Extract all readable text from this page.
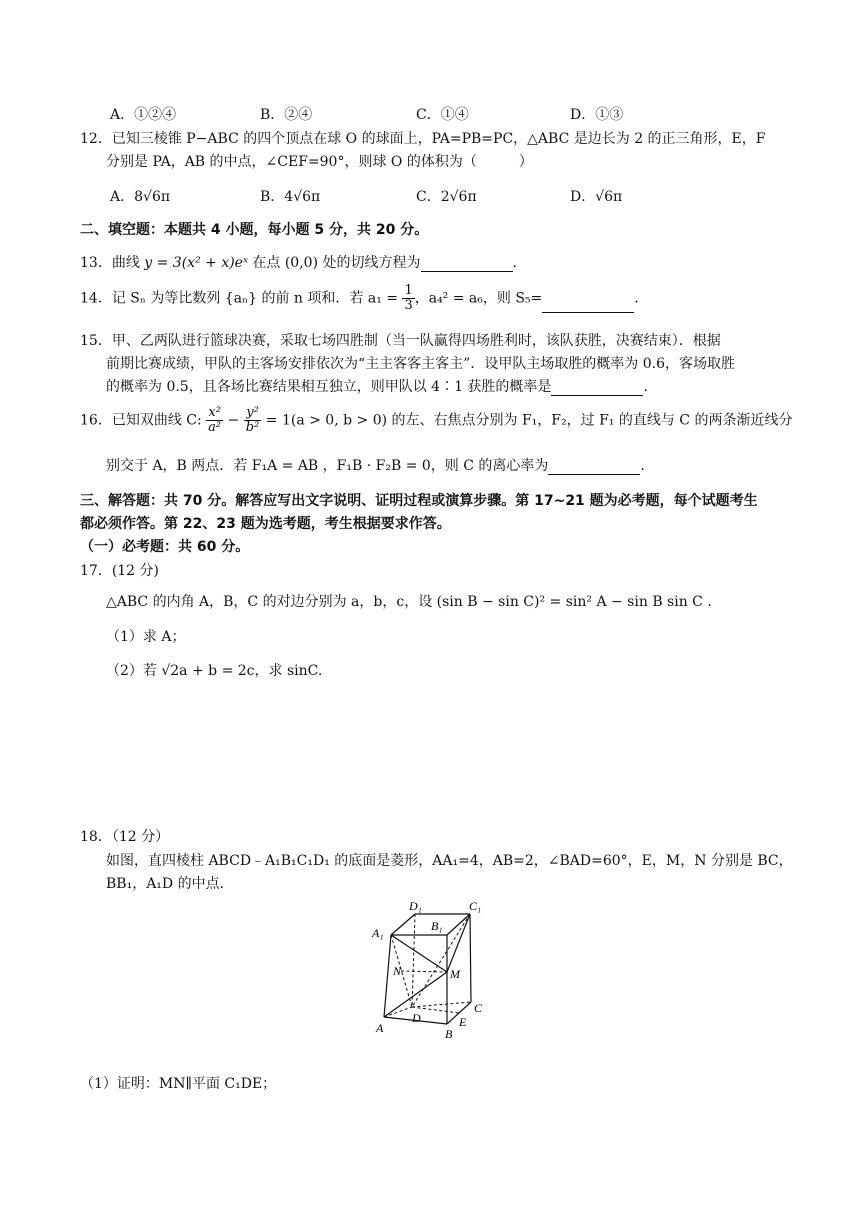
A．①②④	B．②④	C．①④	D．①③
12．已知三棱锥 P−ABC 的四个顶点在球 O 的球面上，PA=PB=PC，△ABC 是边长为 2 的正三角形，E，F
分别是 PA，AB 的中点，∠CEF=90°，则球 O 的体积为（　　　）
A．8√6π	B．4√6π	C．2√6π	D．√6π
二、填空题：本题共 4 小题，每小题 5 分，共 20 分。
13．曲线 y = 3(x² + x)eˣ 在点 (0,0) 处的切线方程为	.
14．记 Sₙ 为等比数列 {aₙ} 的前 n 项和．若 $a_1 = \frac{1}{3}$ ，a₄² = a₆，则 S₅=	.
15．甲、乙两队进行篮球决赛，采取七场四胜制（当一队赢得四场胜利时，该队获胜，决赛结束）．根据
前期比赛成绩，甲队的主客场安排依次为“主主客客主客主”．设甲队主场取胜的概率为 0.6，客场取胜
的概率为 0.5，且各场比赛结果相互独立，则甲队以 4∶1 获胜的概率是	.
16．已知双曲线 C: $\frac{\text{x²}}{\text{a²}} - \frac{\text{y²}}{\text{b²}} = 1(a > 0$, b > 0) 的左、右焦点分别为 F₁，F₂，过 F₁ 的直线与 C 的两条渐近线分
别交于 A，B 两点．若 F₁A = AB ，F₁B · F₂B = 0，则 C 的离心率为	.
三、解答题：共 70 分。解答应写出文字说明、证明过程或演算步骤。第 17~21 题为必考题，每个试题考生
都必须作答。第 22、23 题为选考题，考生根据要求作答。
（一）必考题：共 60 分。
17．(12 分)
△ABC 的内角 A，B，C 的对边分别为 a，b，c，设 (sin B − sin C)² = sin² A − sin B sin C .
（1）求 A；
（2）若 √2a + b = 2c，求 sinC.
18．（12 分）
如图，直四棱柱 ABCD﹣A₁B₁C₁D₁ 的底面是菱形，AA₁=4，AB=2，∠BAD=60°，E，M，N 分别是 BC，
BB₁，A₁D 的中点．
D₁	C₁
A₁	B₁
N	M
C
E
D
A	B
（1）证明：MN∥平面 C₁DE；
